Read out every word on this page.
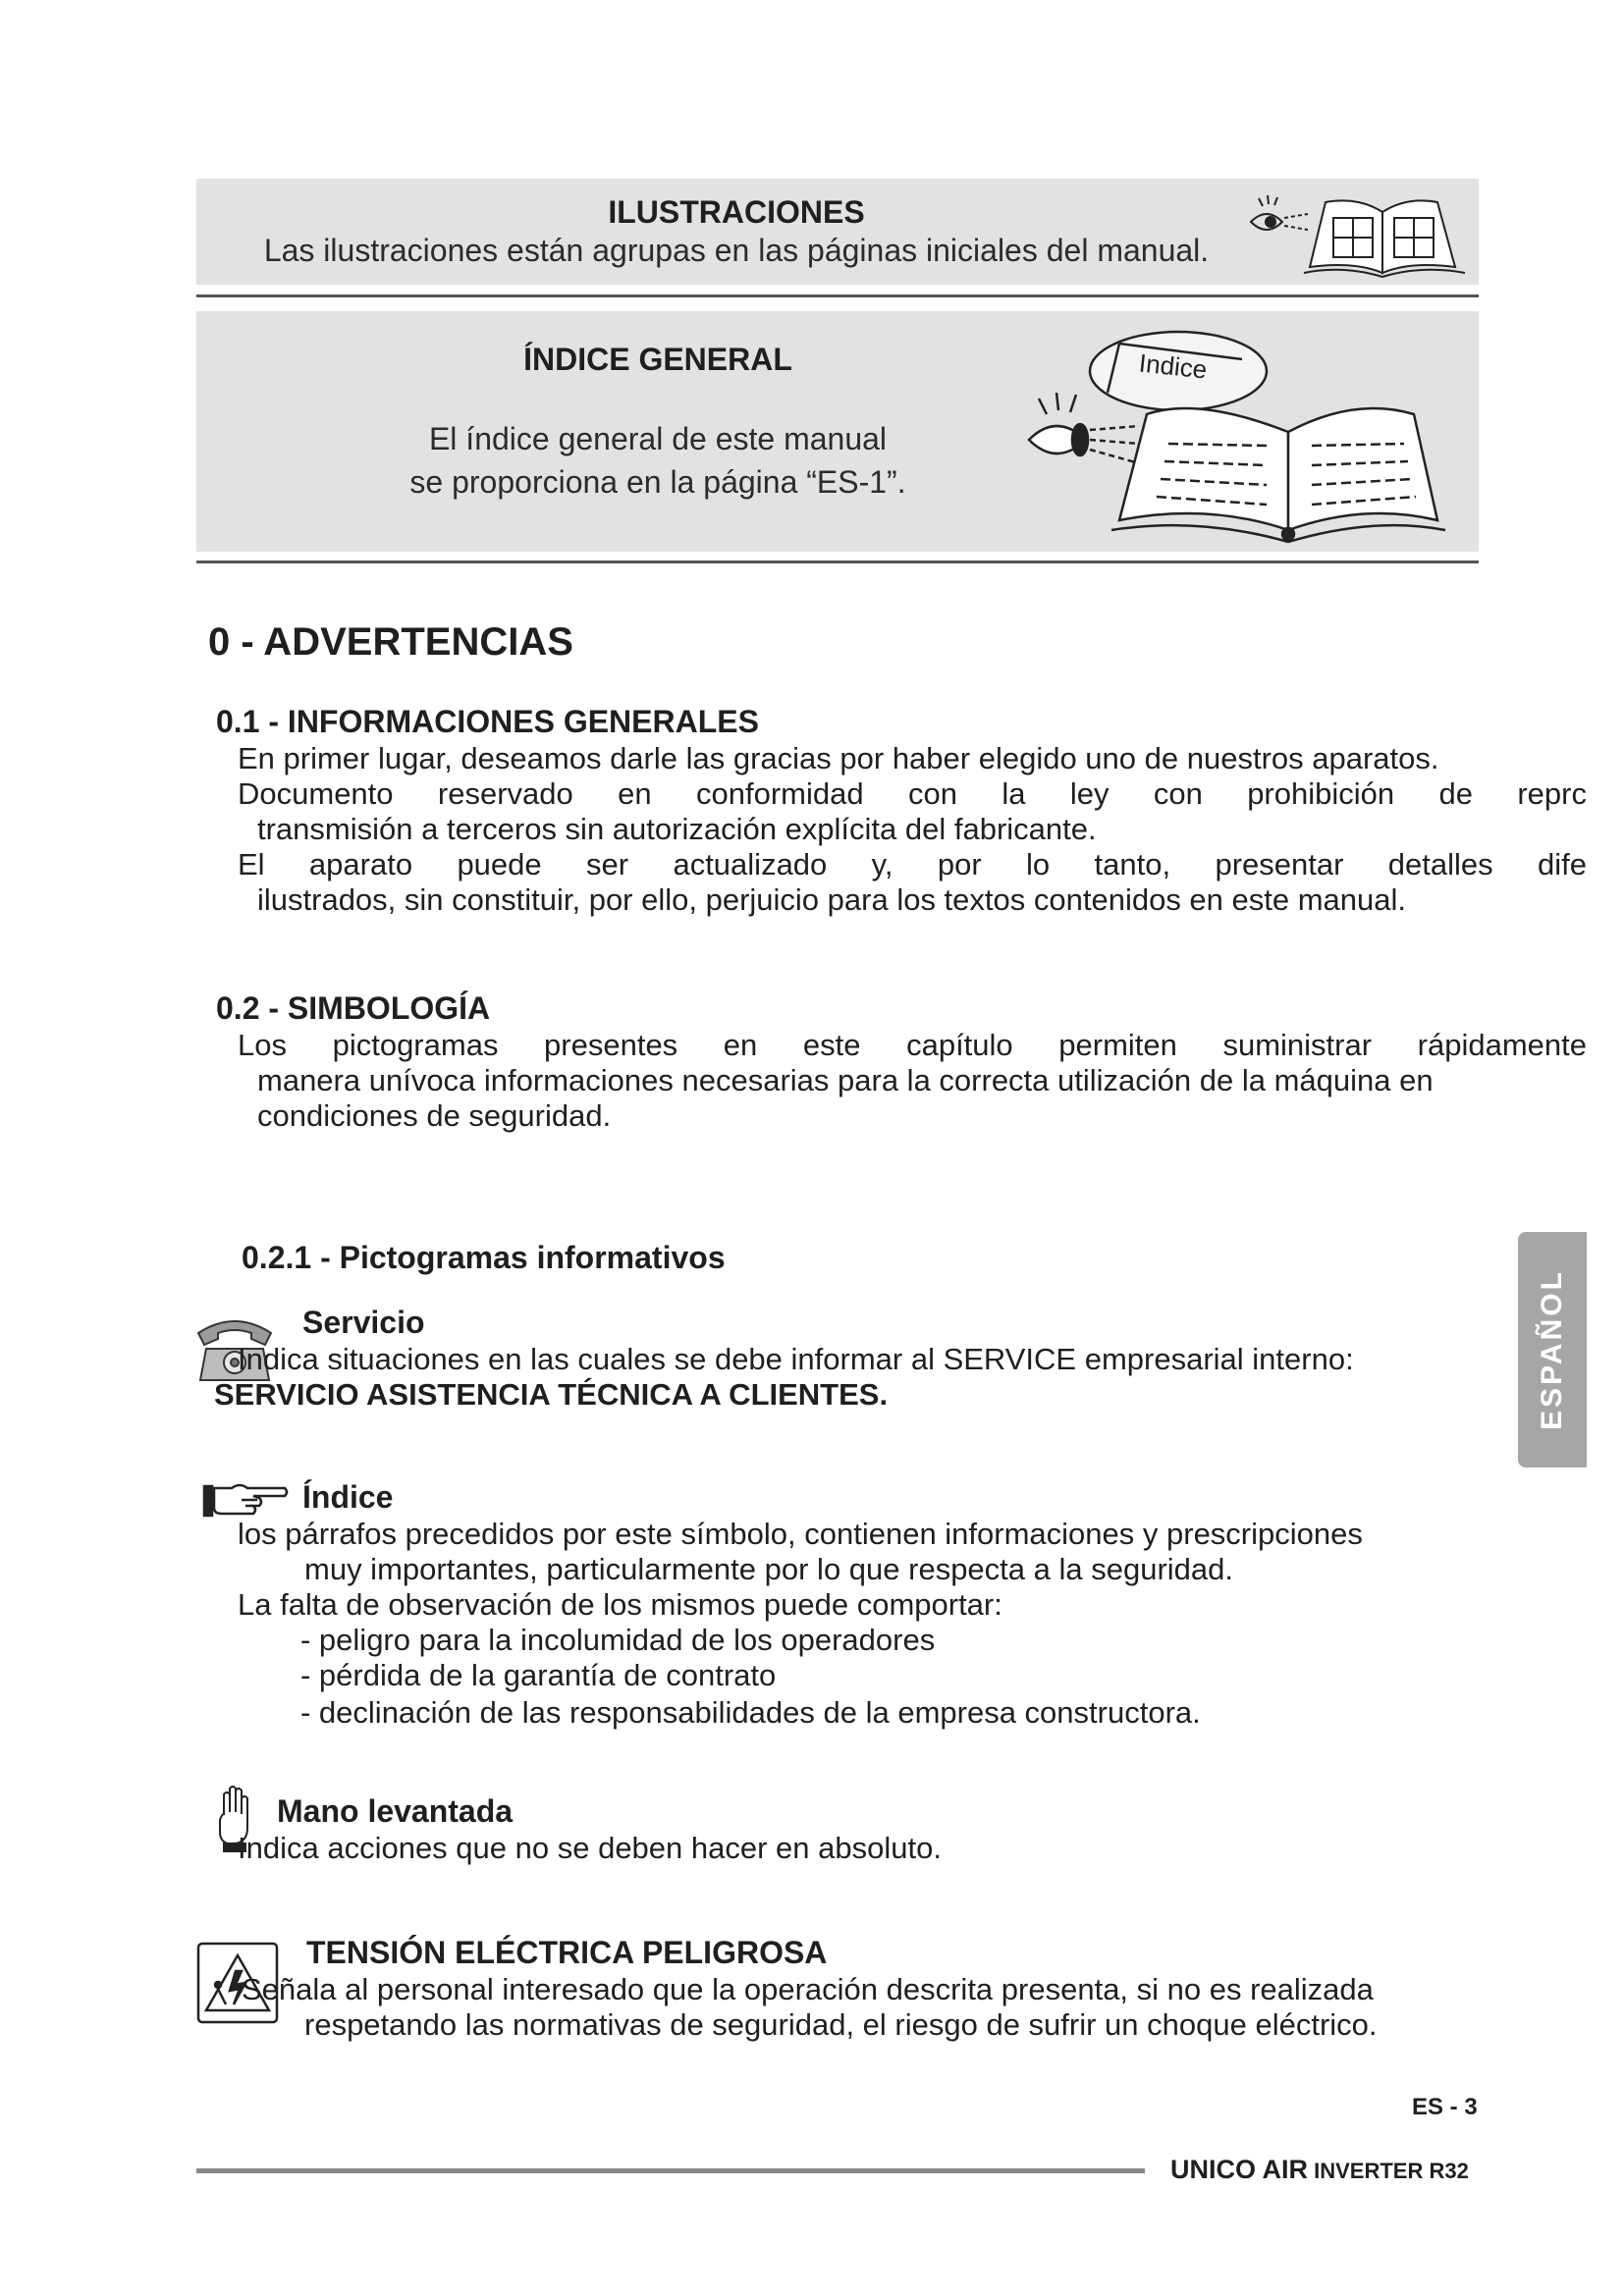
ILUSTRACIONES
Las ilustraciones están agrupas en las páginas iniciales del manual.
ÍNDICE GENERAL
El índice general de este manual
se proporciona en la página “ES-1”.
Indice
0 - ADVERTENCIAS
0.1 - INFORMACIONES GENERALES
En primer lugar, deseamos darle las gracias por haber elegido uno de nuestros aparatos.
Documento reservado en conformidad con la ley con prohibición de reprc
transmisión a terceros sin autorización explícita del fabricante.
El aparato puede ser actualizado y, por lo tanto, presentar detalles dife
ilustrados, sin constituir, por ello, perjuicio para los textos contenidos en este manual.
0.2 - SIMBOLOGÍA
Los pictogramas presentes en este capítulo permiten suministrar rápidamente
manera unívoca informaciones necesarias para la correcta utilización de la máquina en
condiciones de seguridad.
0.2.1 - Pictogramas informativos
Servicio
Indica situaciones en las cuales se debe informar al SERVICE empresarial interno:
SERVICIO ASISTENCIA TÉCNICA A CLIENTES.
Índice
los párrafos precedidos por este símbolo, contienen informaciones y prescripciones
muy importantes, particularmente por lo que respecta a la seguridad.
La falta de observación de los mismos puede comportar:
- peligro para la incolumidad de los operadores
- pérdida de la garantía de contrato
- declinación de las responsabilidades de la empresa constructora.
Mano levantada
Indica acciones que no se deben hacer en absoluto.
TENSIÓN ELÉCTRICA PELIGROSA
Señala al personal interesado que la operación descrita presenta, si no es realizada
respetando las normativas de seguridad, el riesgo de sufrir un choque eléctrico.
ESPAÑOL
ES - 3
UNICO AIR INVERTER R32
